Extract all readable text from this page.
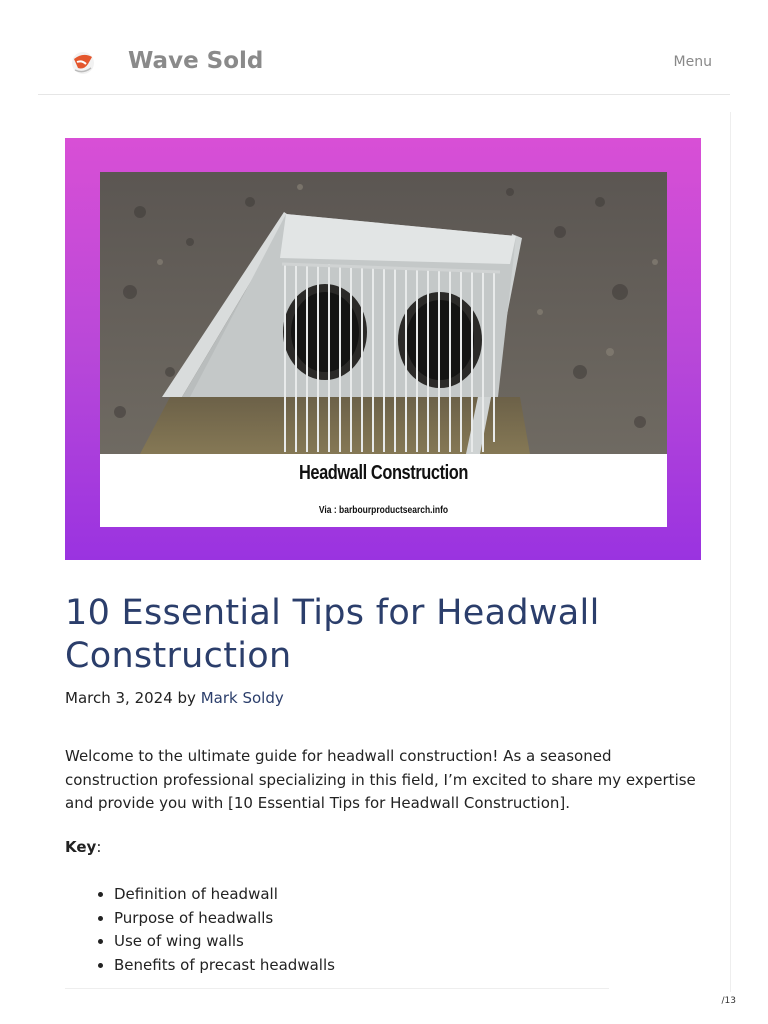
Wave Sold	Menu
Headwall Construction
Via : barbourproductsearch.info
10 Essential Tips for Headwall Construction
March 3, 2024 by Mark Soldy

Welcome to the ultimate guide for headwall construction! As a seasoned construction professional specializing in this field, I’m excited to share my expertise and provide you with [10 Essential Tips for Headwall Construction].

Key:
• Definition of headwall
• Purpose of headwalls
• Use of wing walls
• Benefits of precast headwalls
/13
